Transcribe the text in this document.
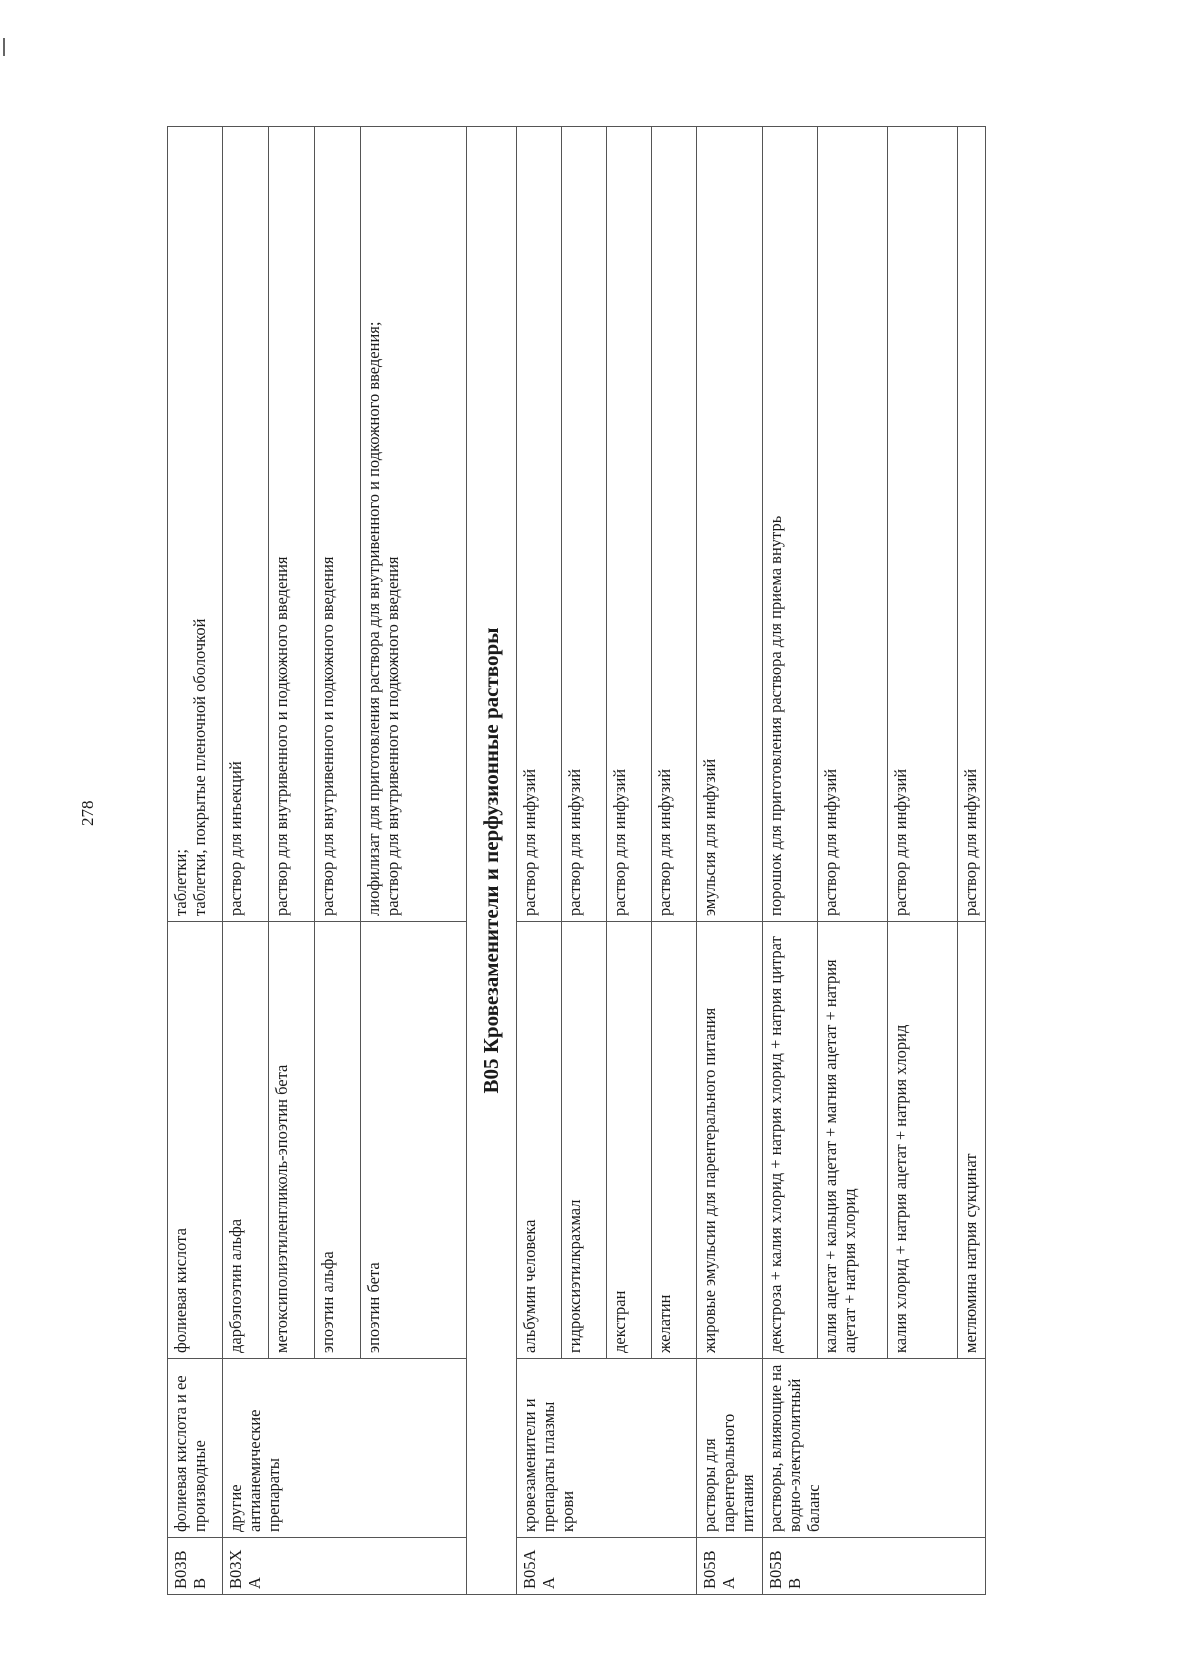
278
B03BB	фолиевая кислота и ее производные	фолиевая кислота	таблетки; таблетки, покрытые пленочной оболочкой

B03XA	другие антианемические препараты	дарбэпоэтин альфа	раствор для инъекций

		метоксиполиэтиленгликоль-эпоэтин бета	раствор для внутривенного и подкожного введения

		эпоэтин альфа	раствор для внутривенного и подкожного введения

		эпоэтин бета	лиофилизат для приготовления раствора для внутривенного и подкожного введения; раствор для внутривенного и подкожного введения

B05 Кровезаменители и перфузионные растворы			
B05AA	кровезаменители и препараты плазмы крови	альбумин человека	раствор для инфузий

		гидроксиэтилкрахмал	раствор для инфузий

		декстран	раствор для инфузий

		желатин	раствор для инфузий

B05BA	растворы для парентерального питания	жировые эмульсии для парентерального питания	эмульсия для инфузий

B05BB	растворы, влияющие на водно-электролитный баланс	декстроза + калия хлорид + натрия хлорид + натрия цитрат	порошок для приготовления раствора для приема внутрь

		калия ацетат + кальция ацетат + магния ацетат + натрия ацетат + натрия хлорид	раствор для инфузий

		калия хлорид + натрия ацетат + натрия хлорид	раствор для инфузий

		меглюмина натрия сукцинат	раствор для инфузий
